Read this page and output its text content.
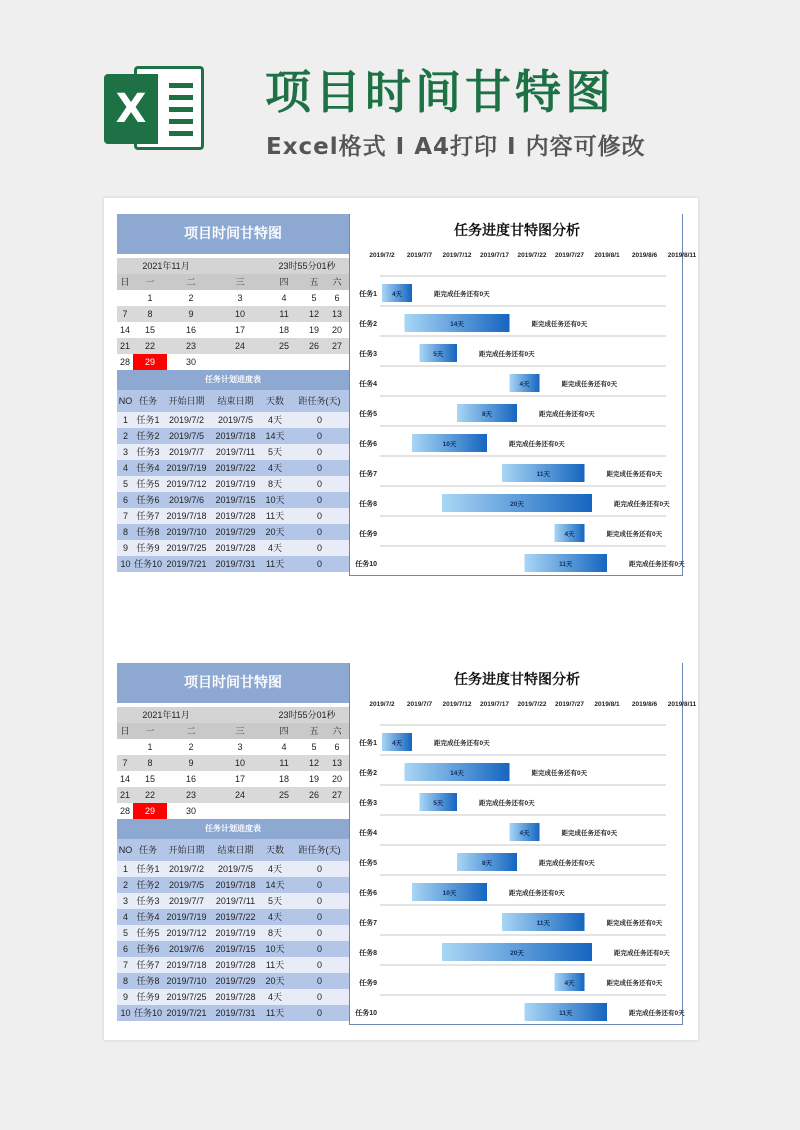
X	项目时间甘特图
Excel格式 I A4打印 I 内容可修改
项目时间甘特图
2021年11月				23时55分01秒		
日	一	二	三	四	五	六
	1	2	3	4	5	6
7	8	9	10	11	12	13
14	15	16	17	18	19	20
21	22	23	24	25	26	27
28	29	30				
任务计划进度表
NO	任务	开始日期	结束日期	天数	距任务(天)
1	任务1	2019/7/2	2019/7/5	4天	0
2	任务2	2019/7/5	2019/7/18	14天	0
3	任务3	2019/7/7	2019/7/11	5天	0
4	任务4	2019/7/19	2019/7/22	4天	0
5	任务5	2019/7/12	2019/7/19	8天	0
6	任务6	2019/7/6	2019/7/15	10天	0
7	任务7	2019/7/18	2019/7/28	11天	0
8	任务8	2019/7/10	2019/7/29	20天	0
9	任务9	2019/7/25	2019/7/28	4天	0
10	任务10	2019/7/21	2019/7/31	11天	0
任务进度甘特图分析
2019/7/2 2019/7/7 2019/7/12 2019/7/17 2019/7/22 2019/7/27 2019/8/1 2019/8/6 2019/8/11
任务1 4天	距完成任务还有0天
任务2	14天	距完成任务还有0天
任务3	5天	距完成任务还有0天
任务4	4天	距完成任务还有0天
任务5	8天	距完成任务还有0天
任务6	10天	距完成任务还有0天
任务7	11天	距完成任务还有0天
任务8	20天	距完成任务还有0天
任务9	4天	距完成任务还有0天
任务10	11天	距完成任务还有0天
项目时间甘特图
2021年11月				23时55分01秒		
日	一	二	三	四	五	六
	1	2	3	4	5	6
7	8	9	10	11	12	13
14	15	16	17	18	19	20
21	22	23	24	25	26	27
28	29	30				
任务计划进度表
NO	任务	开始日期	结束日期	天数	距任务(天)
1	任务1	2019/7/2	2019/7/5	4天	0
2	任务2	2019/7/5	2019/7/18	14天	0
3	任务3	2019/7/7	2019/7/11	5天	0
4	任务4	2019/7/19	2019/7/22	4天	0
5	任务5	2019/7/12	2019/7/19	8天	0
6	任务6	2019/7/6	2019/7/15	10天	0
7	任务7	2019/7/18	2019/7/28	11天	0
8	任务8	2019/7/10	2019/7/29	20天	0
9	任务9	2019/7/25	2019/7/28	4天	0
10	任务10	2019/7/21	2019/7/31	11天	0
任务进度甘特图分析
2019/7/2 2019/7/7 2019/7/12 2019/7/17 2019/7/22 2019/7/27 2019/8/1 2019/8/6 2019/8/11
任务1 4天	距完成任务还有0天
任务2	14天	距完成任务还有0天
任务3	5天	距完成任务还有0天
任务4	4天	距完成任务还有0天
任务5	8天	距完成任务还有0天
任务6	10天	距完成任务还有0天
任务7	11天	距完成任务还有0天
任务8	20天	距完成任务还有0天
任务9	4天	距完成任务还有0天
任务10	11天	距完成任务还有0天
